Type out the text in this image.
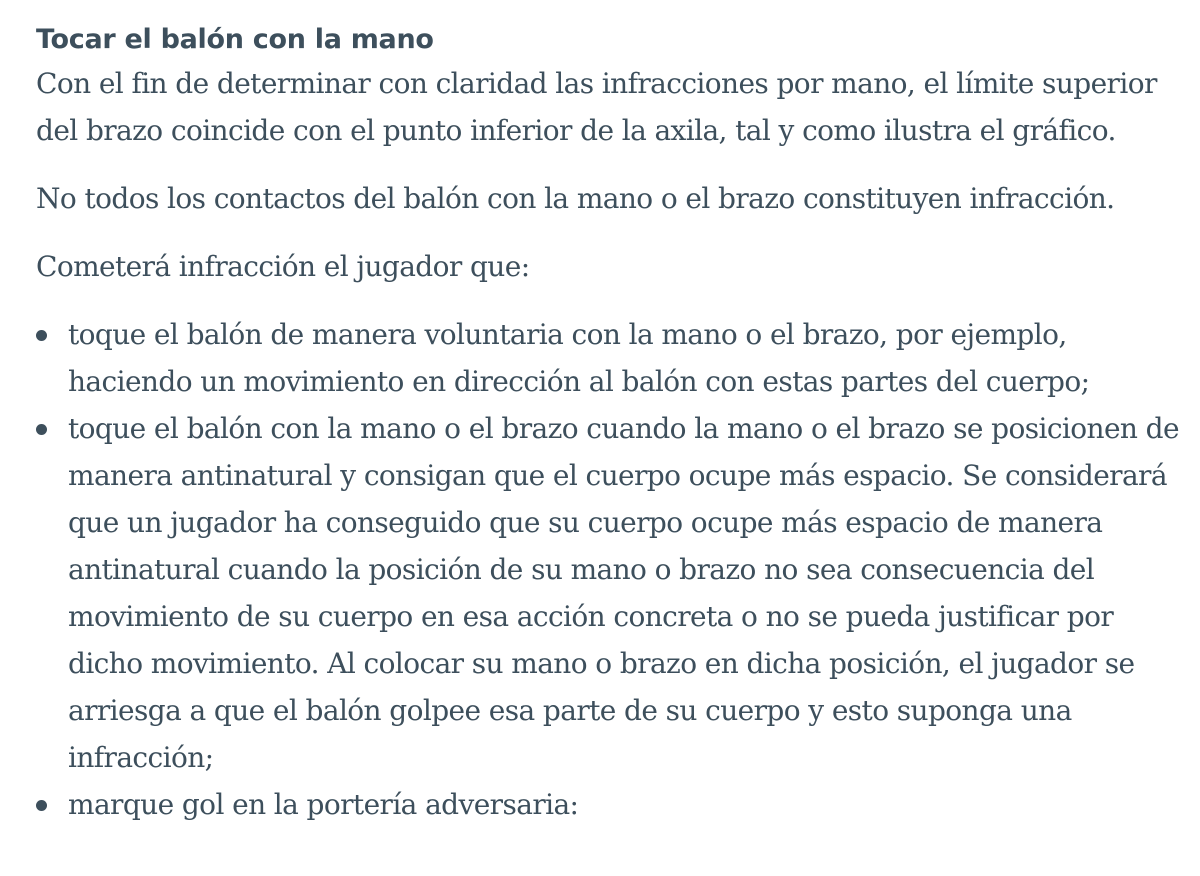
Tocar el balón con la mano

Con el fin de determinar con claridad las infracciones por mano, el límite superior del brazo coincide con el punto inferior de la axila, tal y como ilustra el gráfico.

No todos los contactos del balón con la mano o el brazo constituyen infracción.

Cometerá infracción el jugador que:

toque el balón de manera voluntaria con la mano o el brazo, por ejemplo, haciendo un movimiento en dirección al balón con estas partes del cuerpo;
toque el balón con la mano o el brazo cuando la mano o el brazo se posicionen de manera antinatural y consigan que el cuerpo ocupe más espacio. Se considerará que un jugador ha conseguido que su cuerpo ocupe más espacio de manera antinatural cuando la posición de su mano o brazo no sea consecuencia del movimiento de su cuerpo en esa acción concreta o no se pueda justificar por dicho movimiento. Al colocar su mano o brazo en dicha posición, el jugador se arriesga a que el balón golpee esa parte de su cuerpo y esto suponga una infracción;
marque gol en la portería adversaria:
